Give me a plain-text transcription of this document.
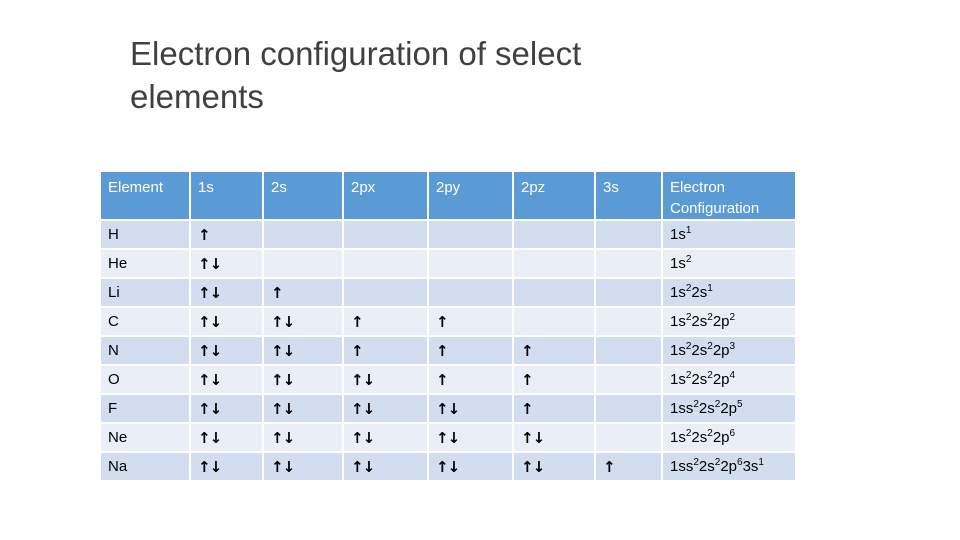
Electron configuration of select elements
Element	1s	2s	2px	2py	2pz	3s	Electron Configuration
H	↑						$1s^1$
He	↑↓						$1s^2$
Li	↑↓	↑					$1s^22s^1$
C	↑↓	↑↓	↑	↑			$1s^22s^22p^2$
N	↑↓	↑↓	↑	↑	↑		$1s^22s^22p^3$
O	↑↓	↑↓	↑↓	↑	↑		$1s^22s^22p^4$
F	↑↓	↑↓	↑↓	↑↓	↑		$1ss^22s^22p^5$
Ne	↑↓	↑↓	↑↓	↑↓	↑↓		$1s^22s^22p^6$
Na	↑↓	↑↓	↑↓	↑↓	↑↓	↑	$1ss^22s^22p^63s^1$
